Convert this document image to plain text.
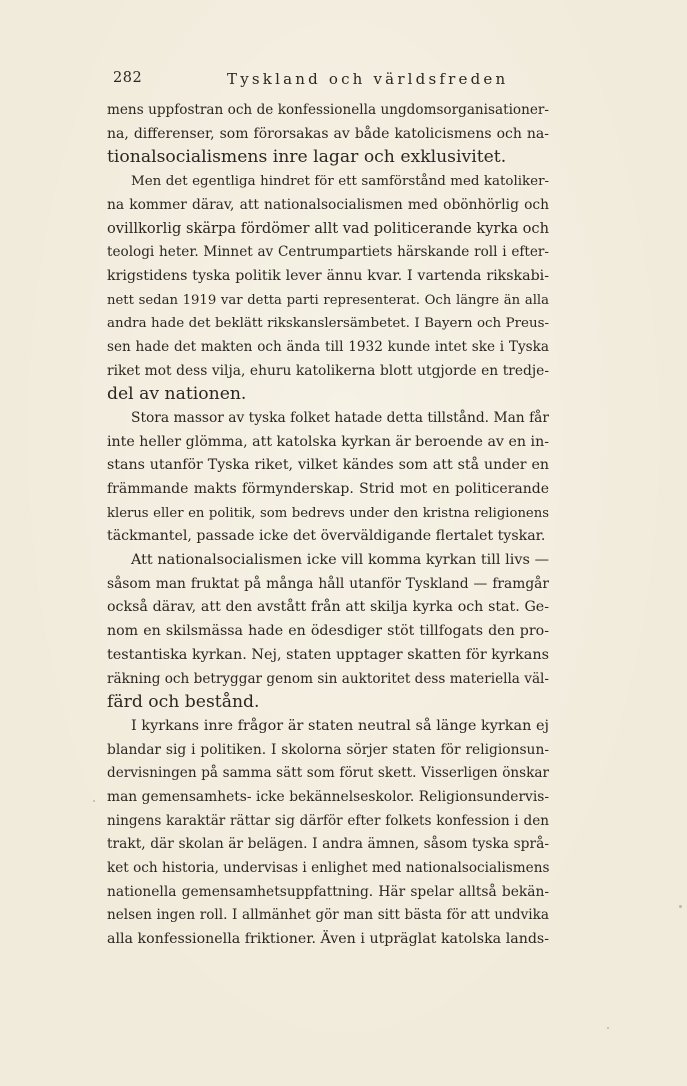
282	Tyskland och världsfreden
mens uppfostran och de konfessionella ungdomsorganisationer-
na, differenser, som förorsakas av både katolicismens och na-
tionalsocialismens inre lagar och exklusivitet.
Men det egentliga hindret för ett samförstånd med katoliker-
na kommer därav, att nationalsocialismen med obönhörlig och
ovillkorlig skärpa fördömer allt vad politicerande kyrka och
teologi heter. Minnet av Centrumpartiets härskande roll i efter-
krigstidens tyska politik lever ännu kvar. I vartenda rikskabi-
nett sedan 1919 var detta parti representerat. Och längre än alla
andra hade det beklätt rikskanslersämbetet. I Bayern och Preus-
sen hade det makten och ända till 1932 kunde intet ske i Tyska
riket mot dess vilja, ehuru katolikerna blott utgjorde en tredje-
del av nationen.
Stora massor av tyska folket hatade detta tillstånd. Man får
inte heller glömma, att katolska kyrkan är beroende av en in-
stans utanför Tyska riket, vilket kändes som att stå under en
främmande makts förmynderskap. Strid mot en politicerande
klerus eller en politik, som bedrevs under den kristna religionens
täckmantel, passade icke det överväldigande flertalet tyskar.
Att nationalsocialismen icke vill komma kyrkan till livs —
såsom man fruktat på många håll utanför Tyskland — framgår
också därav, att den avstått från att skilja kyrka och stat. Ge-
nom en skilsmässa hade en ödesdiger stöt tillfogats den pro-
testantiska kyrkan. Nej, staten upptager skatten för kyrkans
räkning och betryggar genom sin auktoritet dess materiella väl-
färd och bestånd.
I kyrkans inre frågor är staten neutral så länge kyrkan ej
blandar sig i politiken. I skolorna sörjer staten för religionsun-
dervisningen på samma sätt som förut skett. Visserligen önskar
man gemensamhets- icke bekännelseskolor. Religionsundervis-
ningens karaktär rättar sig därför efter folkets konfession i den
trakt, där skolan är belägen. I andra ämnen, såsom tyska språ-
ket och historia, undervisas i enlighet med nationalsocialismens
nationella gemensamhetsuppfattning. Här spelar alltså bekän-
nelsen ingen roll. I allmänhet gör man sitt bästa för att undvika
alla konfessionella friktioner. Även i utpräglat katolska lands-
